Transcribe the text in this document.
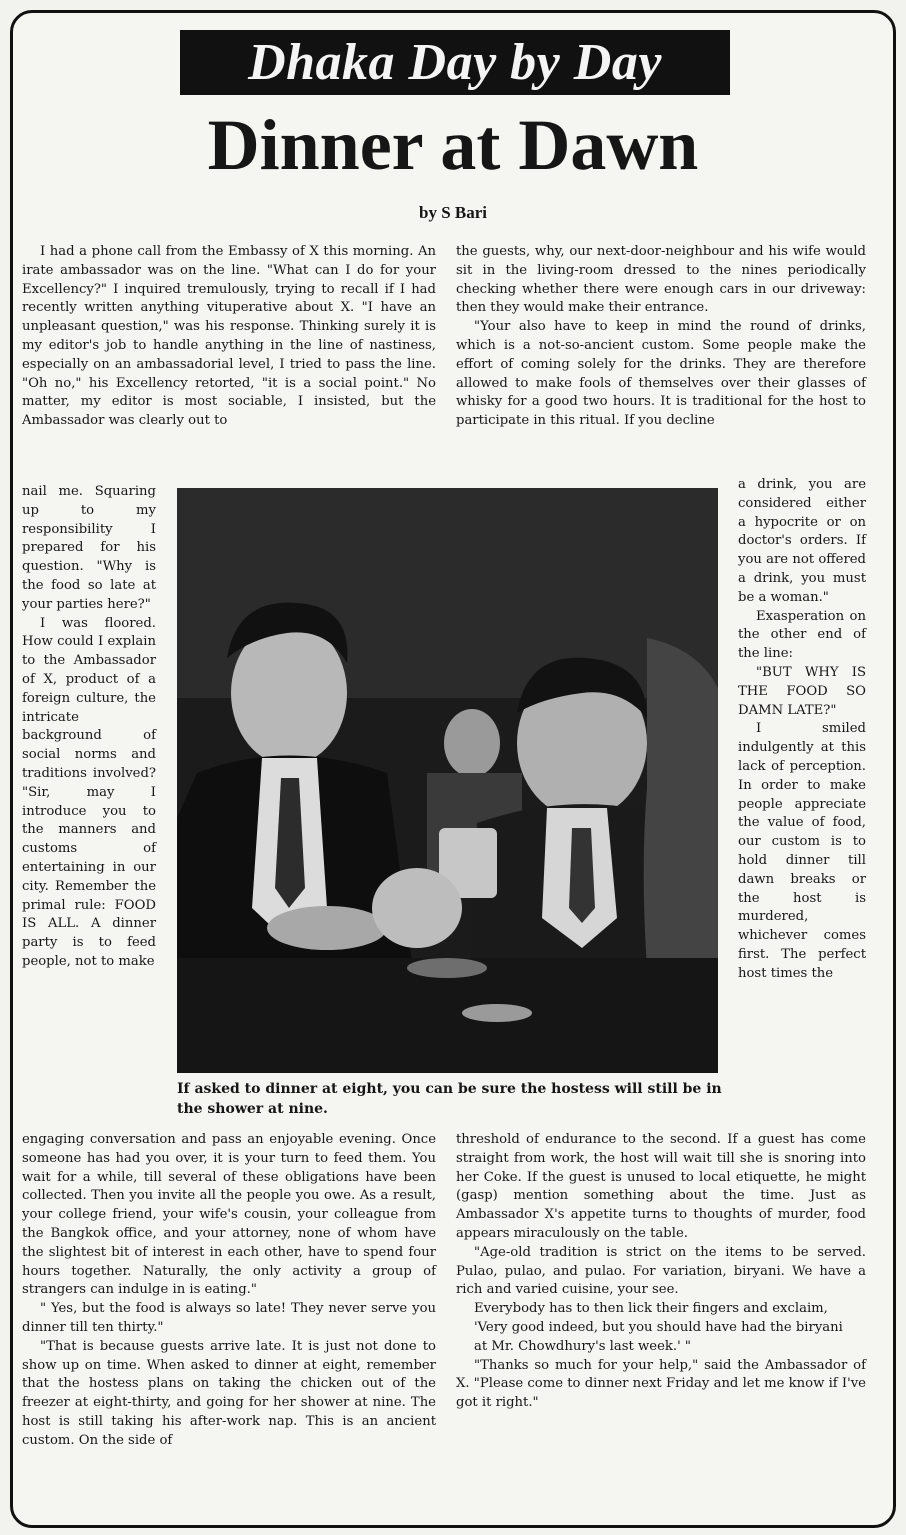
Dhaka Day by Day
Dinner at Dawn
by S Bari

I had a phone call from the Embassy of X this morning. An irate ambassador was on the line. "What can I do for your Excellency?" I inquired tremulously, trying to recall if I had recently written anything vituperative about X. "I have an unpleasant question," was his response. Thinking surely it is my editor's job to handle anything in the line of nastiness, especially on an ambassadorial level, I tried to pass the line. "Oh no," his Excellency retorted, "it is a social point." No matter, my editor is most sociable, I insisted, but the Ambassador was clearly out to

nail me. Squaring up to my responsibility I prepared for his question. "Why is the food so late at your parties here?"

I was floored. How could I explain to the Ambassador of X, product of a foreign culture, the intricate background of social norms and traditions involved? "Sir, may I introduce you to the manners and customs of entertaining in our city. Remember the primal rule: FOOD IS ALL. A dinner party is to feed people, not to make

engaging conversation and pass an enjoyable evening. Once someone has had you over, it is your turn to feed them. You wait for a while, till several of these obligations have been collected. Then you invite all the people you owe. As a result, your college friend, your wife's cousin, your colleague from the Bangkok office, and your attorney, none of whom have the slightest bit of interest in each other, have to spend four hours together. Naturally, the only activity a group of strangers can indulge in is eating."

" Yes, but the food is always so late! They never serve you dinner till ten thirty."

"That is because guests arrive late. It is just not done to show up on time. When asked to dinner at eight, remember that the hostess plans on taking the chicken out of the freezer at eight-thirty, and going for her shower at nine. The host is still taking his after-work nap. This is an ancient custom. On the side of

the guests, why, our next-door-neighbour and his wife would sit in the living-room dressed to the nines periodically checking whether there were enough cars in our driveway: then they would make their entrance.

"Your also have to keep in mind the round of drinks, which is a not-so-ancient custom. Some people make the effort of coming solely for the drinks. They are therefore allowed to make fools of themselves over their glasses of whisky for a good two hours. It is traditional for the host to participate in this ritual. If you decline

a drink, you are considered either a hypocrite or on doctor's orders. If you are not offered a drink, you must be a woman."

Exasperation on the other end of the line:

"BUT WHY IS THE FOOD SO DAMN LATE?"

I smiled indulgently at this lack of perception. In order to make people appreciate the value of food, our custom is to hold dinner till dawn breaks or the host is murdered, whichever comes first. The perfect host times the

threshold of endurance to the second. If a guest has come straight from work, the host will wait till she is snoring into her Coke. If the guest is unused to local etiquette, he might (gasp) mention something about the time. Just as Ambassador X's appetite turns to thoughts of murder, food appears miraculously on the table.

"Age-old tradition is strict on the items to be served. Pulao, pulao, and pulao. For variation, biryani. We have a rich and varied cuisine, your see.

Everybody has to then lick their fingers and exclaim,

'Very good indeed, but you should have had the biryani

at Mr. Chowdhury's last week.' "

"Thanks so much for your help," said the Ambassador of X. "Please come to dinner next Friday and let me know if I've got it right."

If asked to dinner at eight, you can be sure the hostess will still be in the shower at nine.
